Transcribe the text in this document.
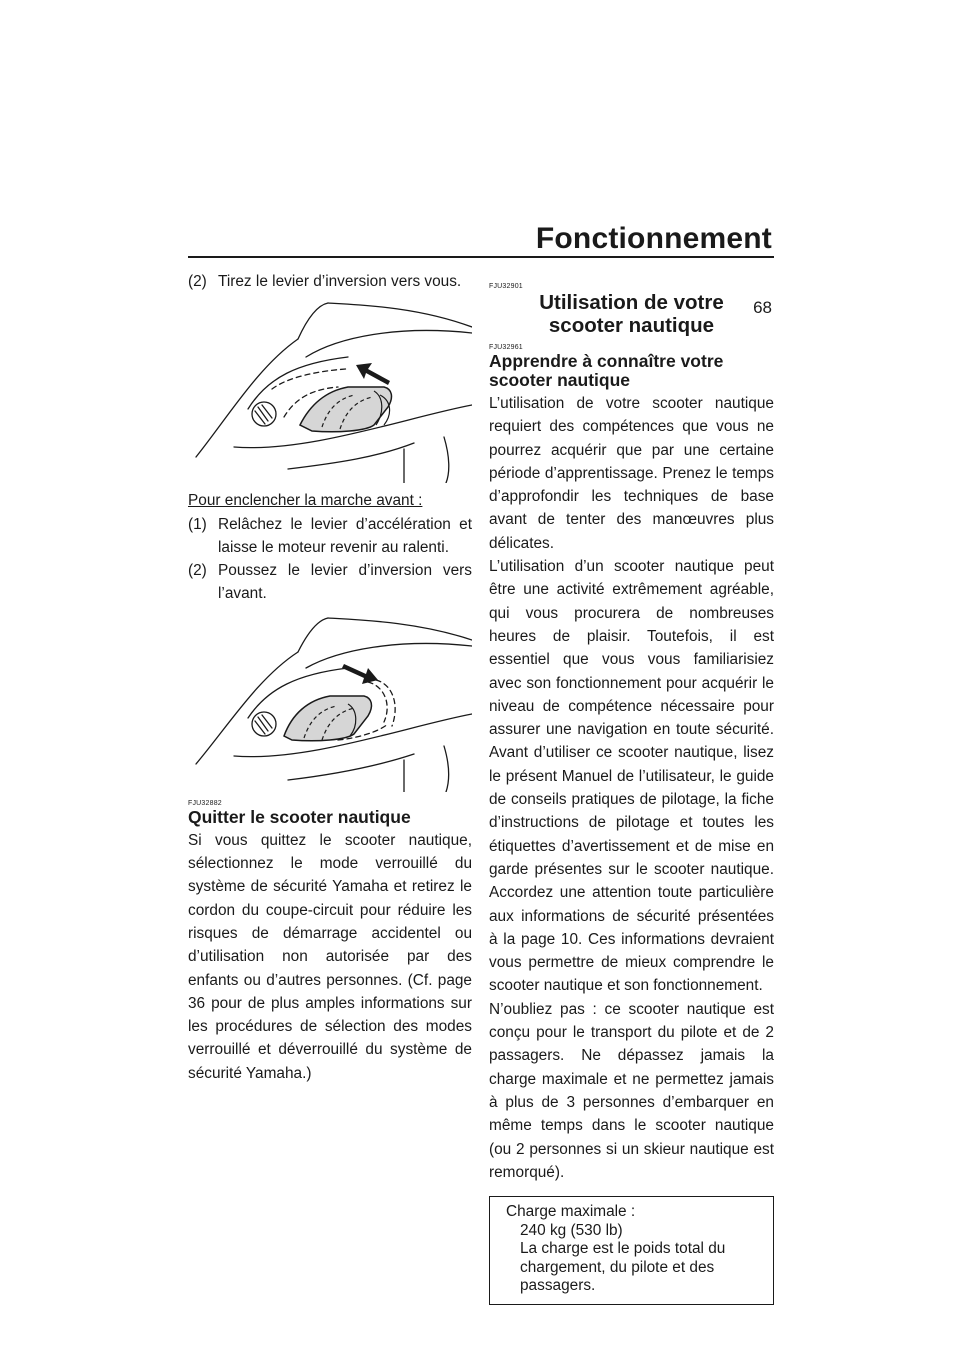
Fonctionnement
68

(2) Tirez le levier d’inversion vers vous.

Pour enclencher la marche avant :

(1) Relâchez le levier d’accélération et laisse le moteur revenir au ralenti.

(2) Poussez le levier d’inversion vers l’avant.

FJU32882
Quitter le scooter nautique

Si vous quittez le scooter nautique, sélectionnez le mode verrouillé du système de sécurité Yamaha et retirez le cordon du coupe-circuit pour réduire les risques de démarrage accidentel ou d’utilisation non autorisée par des enfants ou d’autres personnes. (Cf. page 36 pour de plus amples informations sur les procédures de sélection des modes verrouillé et déverrouillé du système de sécurité Yamaha.)

FJU32901
Utilisation de votre scooter nautique
FJU32961
Apprendre à connaître votre scooter nautique

L’utilisation de votre scooter nautique requiert des compétences que vous ne pourrez acquérir que par une certaine période d’apprentissage. Prenez le temps d’approfondir les techniques de base avant de tenter des manœuvres plus délicates.

L’utilisation d’un scooter nautique peut être une activité extrêmement agréable, qui vous procurera de nombreuses heures de plaisir. Toutefois, il est essentiel que vous vous familiarisiez avec son fonctionnement pour acquérir le niveau de compétence nécessaire pour assurer une navigation en toute sécurité. Avant d’utiliser ce scooter nautique, lisez le présent Manuel de l’utilisateur, le guide de conseils pratiques de pilotage, la fiche d’instructions de pilotage et toutes les étiquettes d’avertissement et de mise en garde présentes sur le scooter nautique. Accordez une attention toute particulière aux informations de sécurité présentées à la page 10. Ces informations devraient vous permettre de mieux comprendre le scooter nautique et son fonctionnement.

N’oubliez pas : ce scooter nautique est conçu pour le transport du pilote et de 2 passagers. Ne dépassez jamais la charge maximale et ne permettez jamais à plus de 3 personnes d’embarquer en même temps dans le scooter nautique (ou 2 personnes si un skieur nautique est remorqué).

Charge maximale :
240 kg (530 lb)
La charge est le poids total du chargement, du pilote et des passagers.
